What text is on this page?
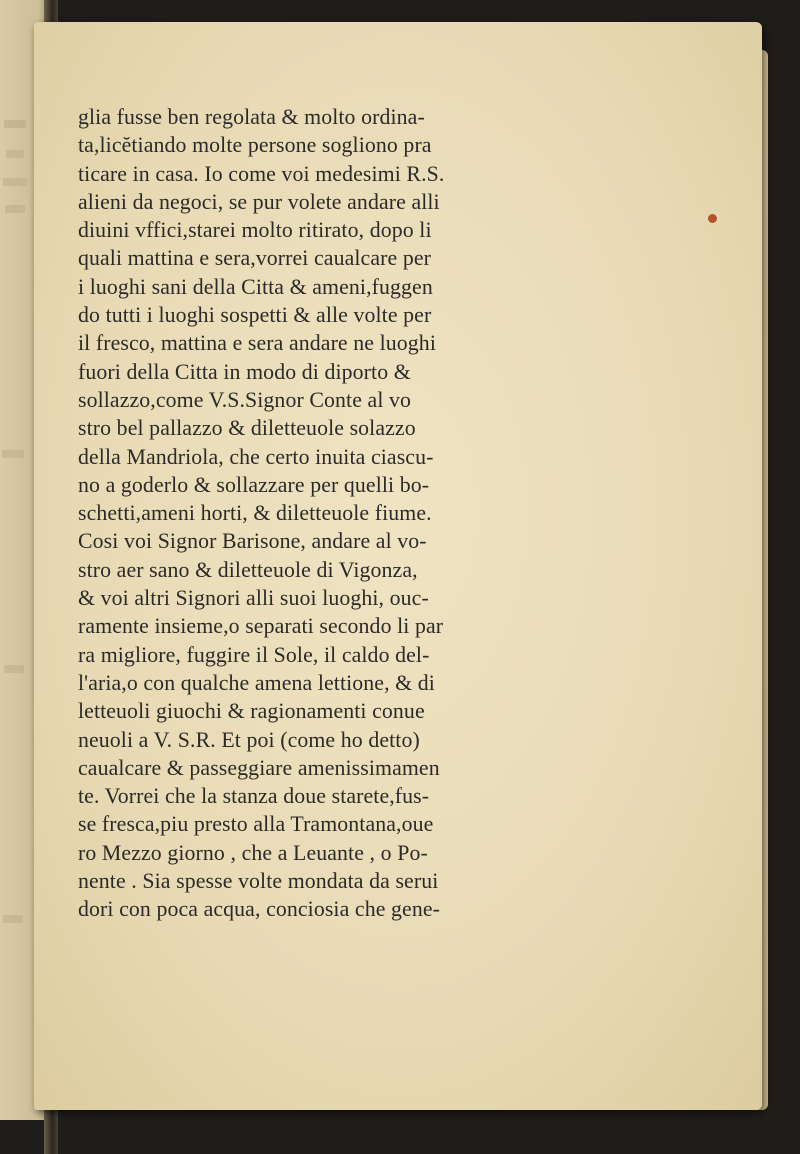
glia fusse ben regolata & molto ordina-
ta,licĕtiando molte persone sogliono pra
ticare in casa. Io come voi medesimi R.S.
alieni da negoci, se pur volete andare alli
diuini vffici,starei molto ritirato, dopo li
quali mattina e sera,vorrei caualcare per
i luoghi sani della Citta & ameni,fuggen
do tutti i luoghi sospetti & alle volte per
il fresco, mattina e sera andare ne luoghi
fuori della Citta in modo di diporto &
sollazzo,come V.S.Signor Conte al vo
stro bel pallazzo & diletteuole solazzo
della Mandriola, che certo inuita ciascu-
no a goderlo & sollazzare per quelli bo-
schetti,ameni horti, & diletteuole fiume.
Cosi voi Signor Barisone, andare al vo-
stro aer sano & diletteuole di Vigonza,
& voi altri Signori alli suoi luoghi, ouc-
ramente insieme,o separati secondo li par
ra migliore, fuggire il Sole, il caldo del-
l'aria,o con qualche amena lettione, & di
letteuoli giuochi & ragionamenti conue
neuoli a V. S.R. Et poi (come ho detto)
caualcare & passeggiare amenissimamen
te. Vorrei che la stanza doue starete,fus-
se fresca,piu presto alla Tramontana,oue
ro Mezzo giorno , che a Leuante , o Po-
nente . Sia spesse volte mondata da serui
dori con poca acqua, conciosia che gene-
